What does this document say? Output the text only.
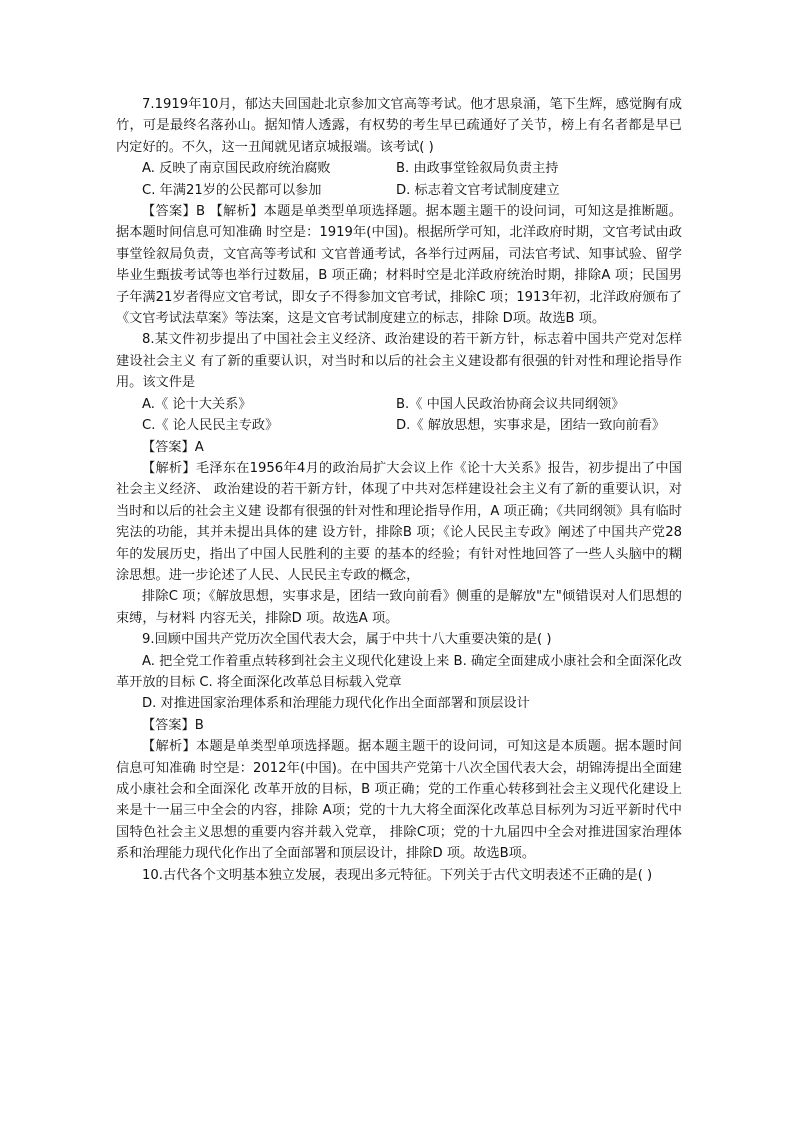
7.1919年10月，郁达夫回国赴北京参加文官高等考试。他才思泉涌，笔下生辉，感觉胸有成竹，可是最终名落孙山。据知情人透露，有权势的考生早已疏通好了关节，榜上有名者都是早已内定好的。不久，这一丑闻就见诸京城报端。该考试( )

A. 反映了南京国民政府统治腐败	B. 由政事堂铨叙局负责主持
C. 年满21岁的公民都可以参加	D. 标志着文官考试制度建立

【答案】B 【解析】本题是单类型单项选择题。据本题主题干的设问词，可知这是推断题。据本题时间信息可知准确 时空是：1919年(中国)。根据所学可知，北洋政府时期，文官考试由政事堂铨叙局负责，文官高等考试和 文官普通考试，各举行过两届，司法官考试、知事试验、留学毕业生甄拔考试等也举行过数届，B 项正确；材料时空是北洋政府统治时期，排除A 项；民国男子年满21岁者得应文官考试，即女子不得参加文官考试，排除C 项；1913年初，北洋政府颁布了《文官考试法草案》等法案，这是文官考试制度建立的标志，排除 D项。故选B 项。

8.某文件初步提出了中国社会主义经济、政治建设的若干新方针，标志着中国共产党对怎样建设社会主义 有了新的重要认识，对当时和以后的社会主义建设都有很强的针对性和理论指导作用。该文件是

A.《 论十大关系》	B.《 中国人民政治协商会议共同纲领》
C.《 论人民民主专政》	D.《 解放思想，实事求是，团结一致向前看》

【答案】A

【解析】毛泽东在1956年4月的政治局扩大会议上作《论十大关系》报告，初步提出了中国社会主义经济、 政治建设的若干新方针，体现了中共对怎样建设社会主义有了新的重要认识，对当时和以后的社会主义建 设都有很强的针对性和理论指导作用，A 项正确；《共同纲领》具有临时宪法的功能，其并未提出具体的建 设方针，排除B 项；《论人民民主专政》阐述了中国共产党28年的发展历史，指出了中国人民胜利的主要 的基本的经验；有针对性地回答了一些人头脑中的糊涂思想。进一步论述了人民、人民民主专政的概念，

排除C 项；《解放思想，实事求是，团结一致向前看》侧重的是解放"左"倾错误对人们思想的束缚，与材料 内容无关，排除D 项。故选A 项。

9.回顾中国共产党历次全国代表大会，属于中共十八大重要决策的是( )

A. 把全党工作着重点转移到社会主义现代化建设上来 B. 确定全面建成小康社会和全面深化改革开放的目标 C. 将全面深化改革总目标载入党章

D. 对推进国家治理体系和治理能力现代化作出全面部署和顶层设计

【答案】B

【解析】本题是单类型单项选择题。据本题主题干的设问词，可知这是本质题。据本题时间信息可知准确 时空是：2012年(中国)。在中国共产党第十八次全国代表大会，胡锦涛提出全面建成小康社会和全面深化 改革开放的目标，B 项正确；党的工作重心转移到社会主义现代化建设上来是十一届三中全会的内容，排除 A项；党的十九大将全面深化改革总目标列为习近平新时代中国特色社会主义思想的重要内容并载入党章， 排除C项；党的十九届四中全会对推进国家治理体系和治理能力现代化作出了全面部署和顶层设计，排除D 项。故选B项。

10.古代各个文明基本独立发展，表现出多元特征。下列关于古代文明表述不正确的是( )
